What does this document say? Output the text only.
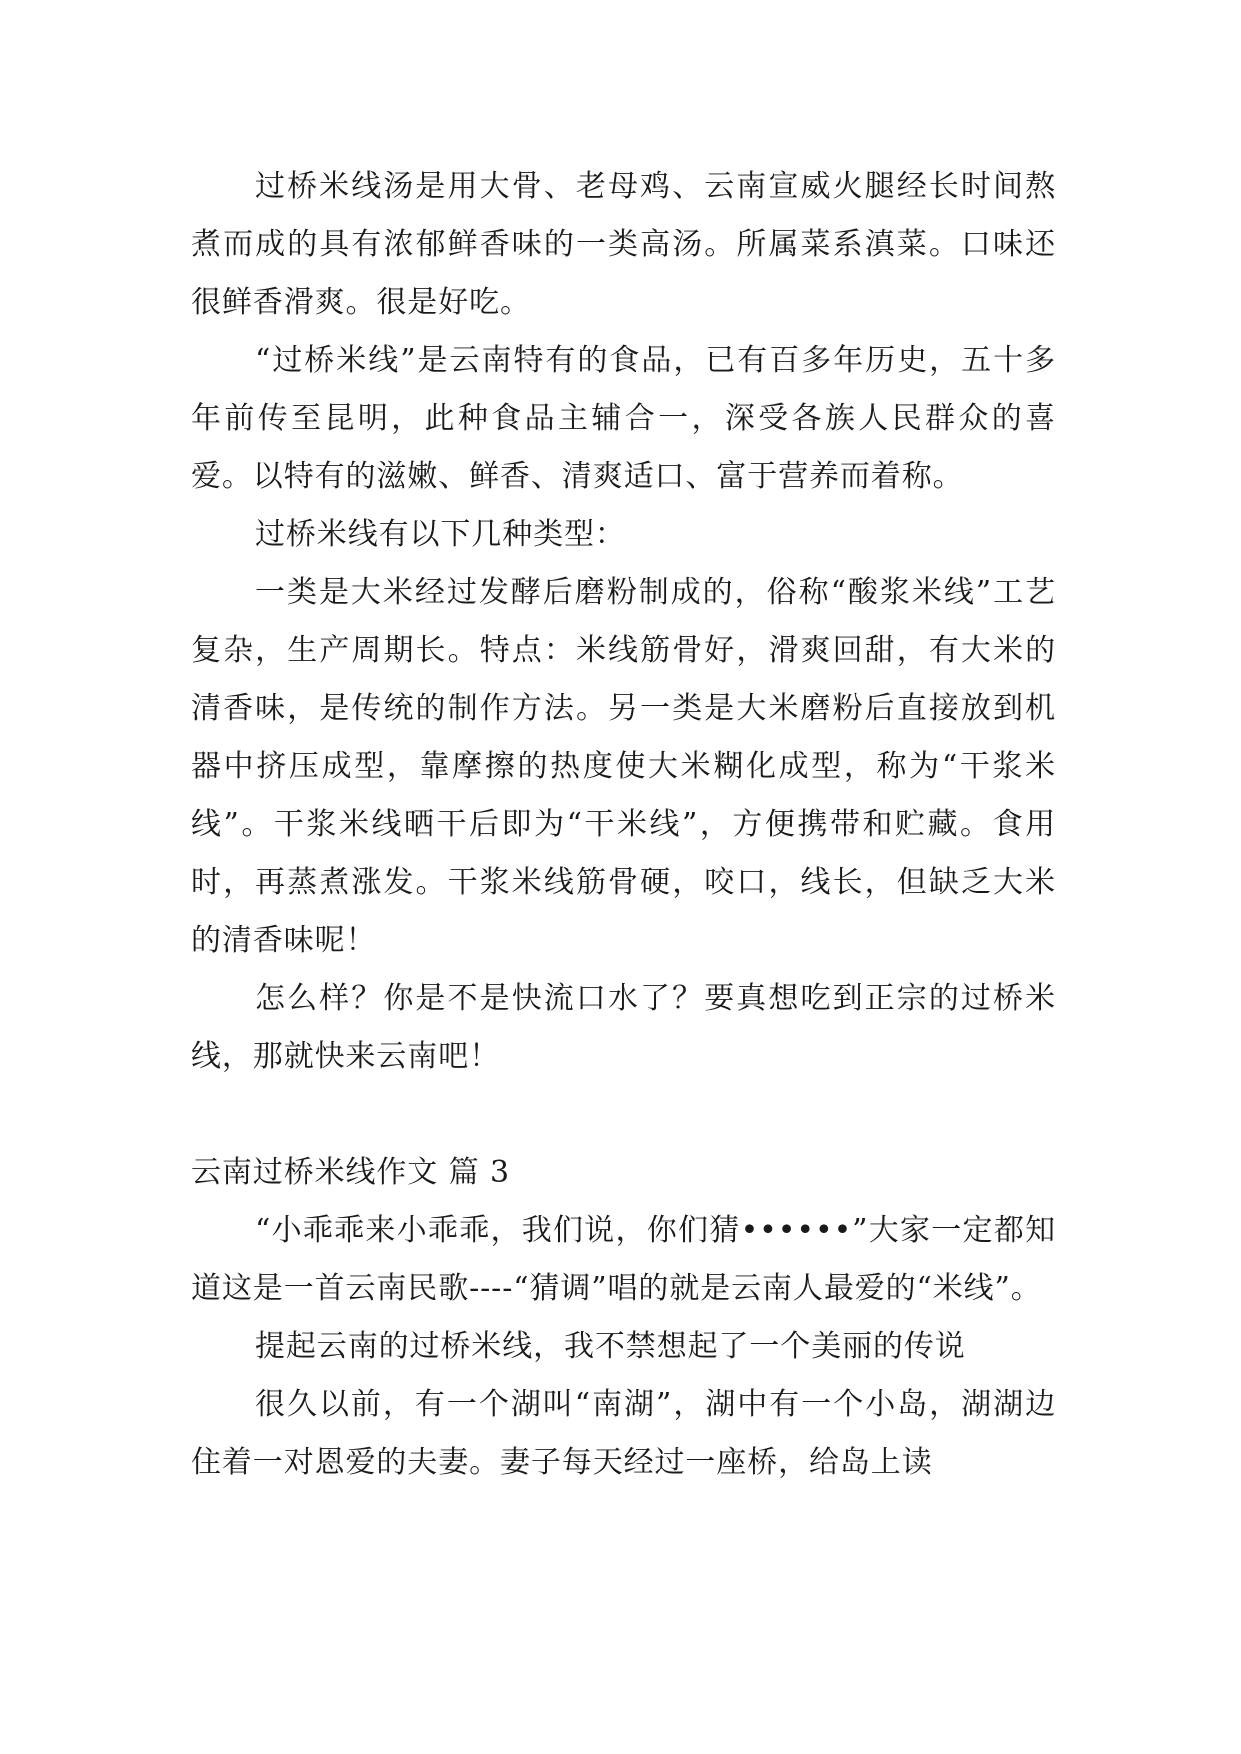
过桥米线汤是用大骨、老母鸡、云南宣威火腿经长时间熬煮而成的具有浓郁鲜香味的一类高汤。所属菜系滇菜。口味还很鲜香滑爽。很是好吃。

“过桥米线”是云南特有的食品，已有百多年历史，五十多年前传至昆明，此种食品主辅合一，深受各族人民群众的喜爱。以特有的滋嫩、鲜香、清爽适口、富于营养而着称。

过桥米线有以下几种类型：

一类是大米经过发酵后磨粉制成的，俗称“酸浆米线”工艺复杂，生产周期长。特点：米线筋骨好，滑爽回甜，有大米的清香味，是传统的制作方法。另一类是大米磨粉后直接放到机器中挤压成型，靠摩擦的热度使大米糊化成型，称为“干浆米线”。干浆米线晒干后即为“干米线”，方便携带和贮藏。食用时，再蒸煮涨发。干浆米线筋骨硬，咬口，线长，但缺乏大米的清香味呢！

怎么样？你是不是快流口水了？要真想吃到正宗的过桥米线，那就快来云南吧！

云南过桥米线作文 篇 3

“小乖乖来小乖乖，我们说，你们猜••••••”大家一定都知道这是一首云南民歌----“猜调”唱的就是云南人最爱的“米线”。

提起云南的过桥米线，我不禁想起了一个美丽的传说

很久以前，有一个湖叫“南湖”，湖中有一个小岛，湖湖边住着一对恩爱的夫妻。妻子每天经过一座桥，给岛上读
